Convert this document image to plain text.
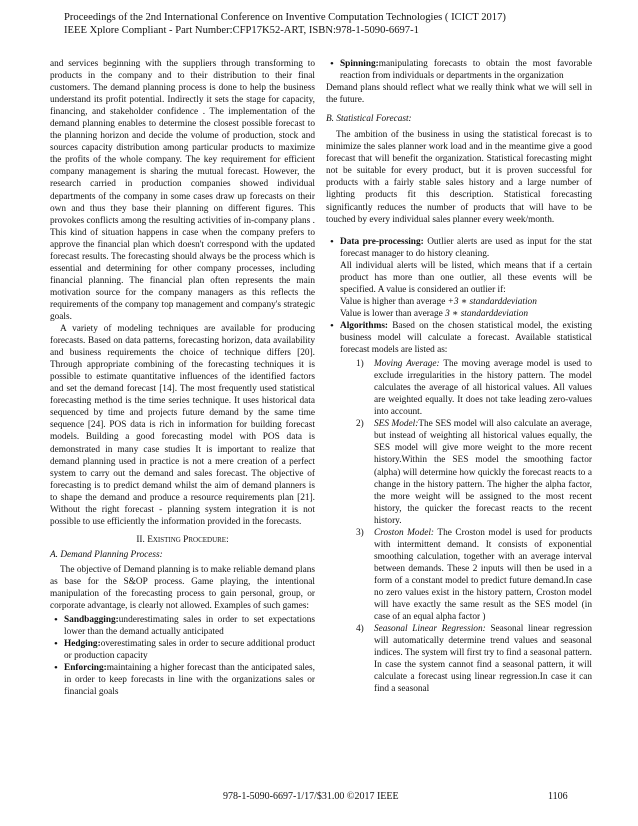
Proceedings of the 2nd International Conference on Inventive Computation Technologies ( ICICT 2017)
IEEE Xplore Compliant - Part Number:CFP17K52-ART, ISBN:978-1-5090-6697-1

and services beginning with the suppliers through transforming to products in the company and to their distribution to their final customers. The demand planning process is done to help the business understand its profit potential. Indirectly it sets the stage for capacity, financing, and stakeholder confidence . The implementation of the demand planning enables to determine the closest possible forecast to the planning horizon and decide the volume of production, stock and sources capacity distribution among particular products to maximize the profits of the whole company. The key requirement for efficient company management is sharing the mutual forecast. However, the research carried in production companies showed individual departments of the company in some cases draw up forecasts on their own and thus they base their planning on different figures. This provokes conflicts among the resulting activities of in-company plans . This kind of situation happens in case when the company prefers to approve the financial plan which doesn't correspond with the updated forecast results. The forecasting should always be the process which is essential and determining for other company processes, including financial planning. The financial plan often represents the main motivation source for the company managers as this reflects the requirements of the company top management and company's strategic goals.

A variety of modeling techniques are available for producing forecasts. Based on data patterns, forecasting horizon, data availability and business requirements the choice of technique differs [20]. Through appropriate combining of the forecasting techniques it is possible to estimate quantitative influences of the identified factors and set the demand forecast [14]. The most frequently used statistical forecasting method is the time series technique. It uses historical data sequenced by time and projects future demand by the same time sequence [24]. POS data is rich in information for building forecast models. Building a good forecasting model with POS data is demonstrated in many case studies It is important to realize that demand planning used in practice is not a mere creation of a perfect system to carry out the demand and sales forecast. The objective of forecasting is to predict demand whilst the aim of demand planners is to shape the demand and produce a resource requirements plan [21]. Without the right forecast - planning system integration it is not possible to use efficiently the information provided in the forecasts.

II. Existing Procedure:
A. Demand Planning Process:

The objective of Demand planning is to make reliable demand plans as base for the S&OP process. Game playing, the intentional manipulation of the forecasting process to gain personal, group, or corporate advantage, is clearly not allowed. Examples of such games:

• Sandbagging:underestimating sales in order to set expectations lower than the demand actually anticipated
• Hedging:overestimating sales in order to secure additional product or production capacity
• Enforcing:maintaining a higher forecast than the anticipated sales, in order to keep forecasts in line with the organizations sales or financial goals
• Spinning:manipulating forecasts to obtain the most favorable reaction from individuals or departments in the organization

Demand plans should reflect what we really think what we will sell in the future.

B. Statistical Forecast:

The ambition of the business in using the statistical forecast is to minimize the sales planner work load and in the meantime give a good forecast that will benefit the organization. Statistical forecasting might not be suitable for every product, but it is proven successful for products with a fairly stable sales history and a large number of lighting products fit this description. Statistical forecasting significantly reduces the number of products that will have to be touched by every individual sales planner every week/month.

• Data pre-processing: Outlier alerts are used as input for the stat forecast manager to do history cleaning.
All individual alerts will be listed, which means that if a certain product has more than one outlier, all these events will be specified. A value is considered an outlier if:
Value is higher than average +3 ∗ standarddeviation
Value is lower than average 3 ∗ standarddeviation
• Algorithms: Based on the chosen statistical model, the existing business model will calculate a forecast. Available statistical forecast models are listed as:
1) Moving Average: The moving average model is used to exclude irregularities in the history pattern. The model calculates the average of all historical values. All values are weighted equally. It does not take leading zero-values into account.
2) SES Model:The SES model will also calculate an average, but instead of weighting all historical values equally, the SES model will give more weight to the more recent history.Within the SES model the smoothing factor (alpha) will determine how quickly the forecast reacts to a change in the history pattern. The higher the alpha factor, the more weight will be assigned to the most recent history, the quicker the forecast reacts to the recent history.
3) Croston Model: The Croston model is used for products with intermittent demand. It consists of exponential smoothing calculation, together with an average interval between demands. These 2 inputs will then be used in a form of a constant model to predict future demand.In case no zero values exist in the history pattern, Croston model will have exactly the same result as the SES model (in case of an equal alpha factor )
4) Seasonal Linear Regression: Seasonal linear regression will automatically determine trend values and seasonal indices. The system will first try to find a seasonal pattern. In case the system cannot find a seasonal pattern, it will calculate a forecast using linear regression.In case it can find a seasonal
978-1-5090-6697-1/17/$31.00 ©2017 IEEE	1106
